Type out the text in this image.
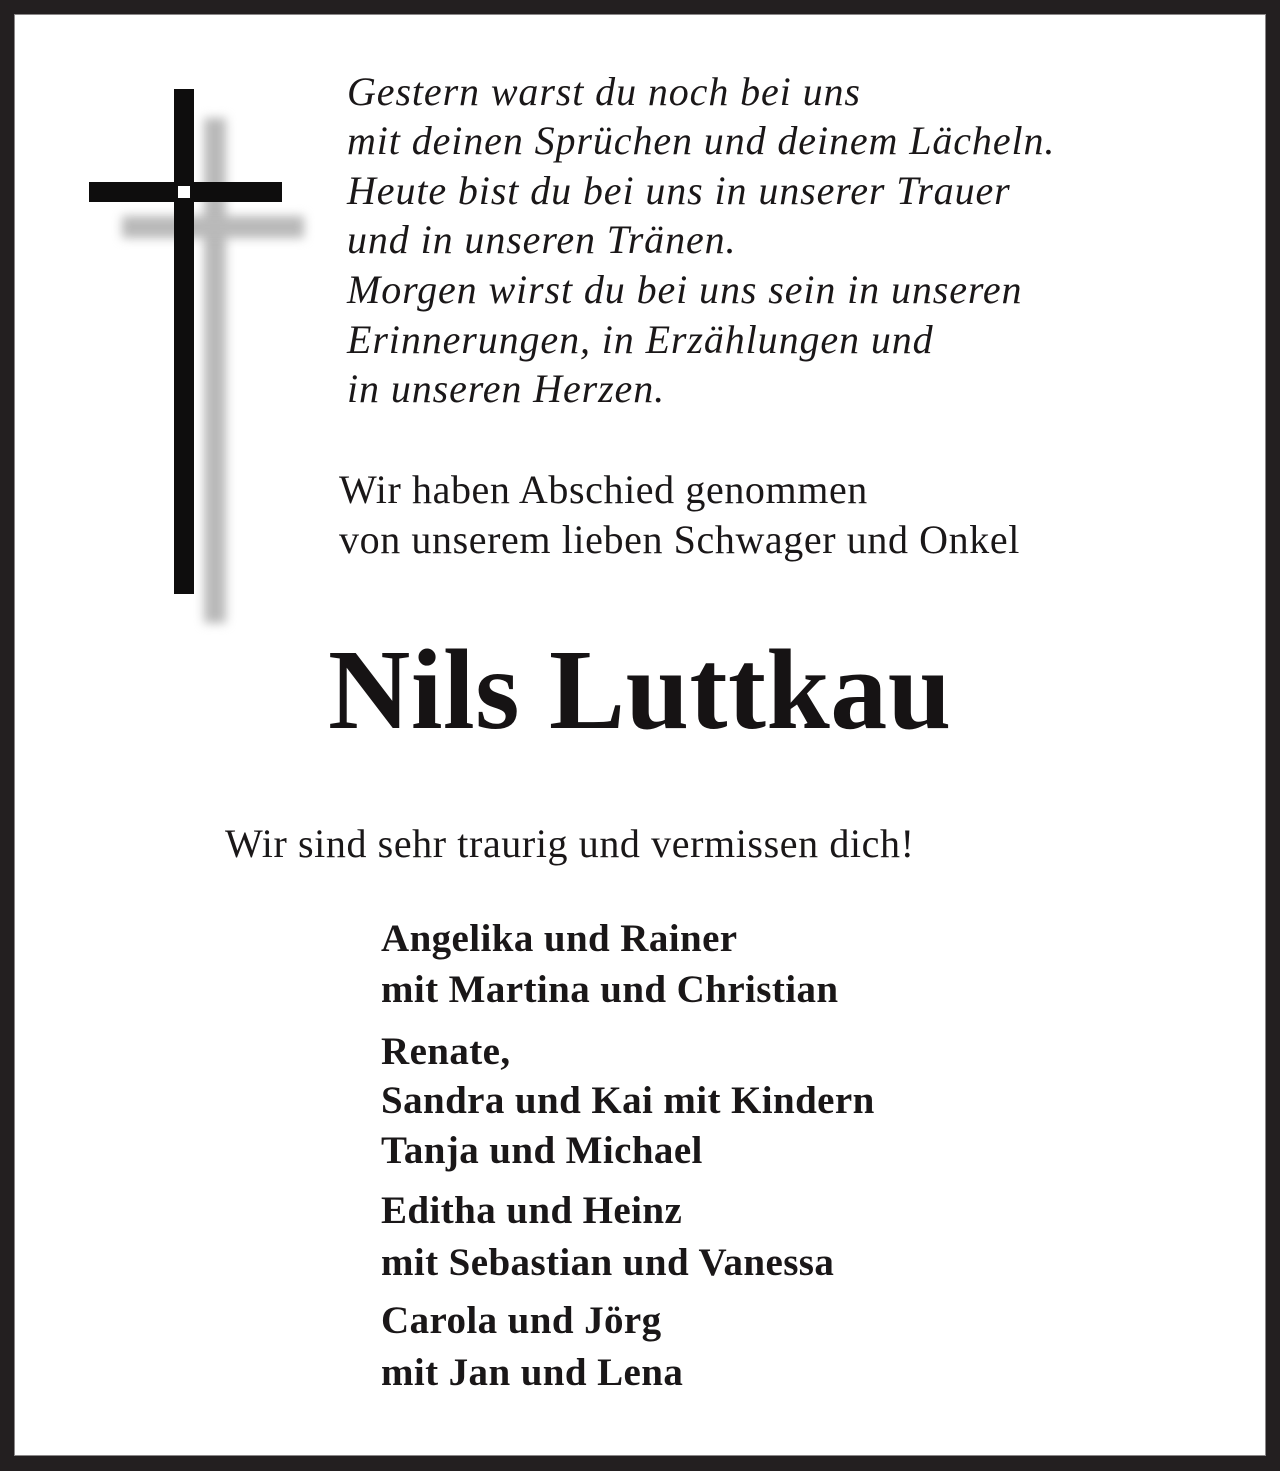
Gestern warst du noch bei uns
mit deinen Sprüchen und deinem Lächeln.
Heute bist du bei uns in unserer Trauer
und in unseren Tränen.
Morgen wirst du bei uns sein in unseren
Erinnerungen, in Erzählungen und
in unseren Herzen.
Wir haben Abschied genommen
von unserem lieben Schwager und Onkel
Nils Luttkau
Wir sind sehr traurig und vermissen dich!
Angelika und Rainer
mit Martina und Christian
Renate,
Sandra und Kai mit Kindern
Tanja und Michael
Editha und Heinz
mit Sebastian und Vanessa
Carola und Jörg
mit Jan und Lena
